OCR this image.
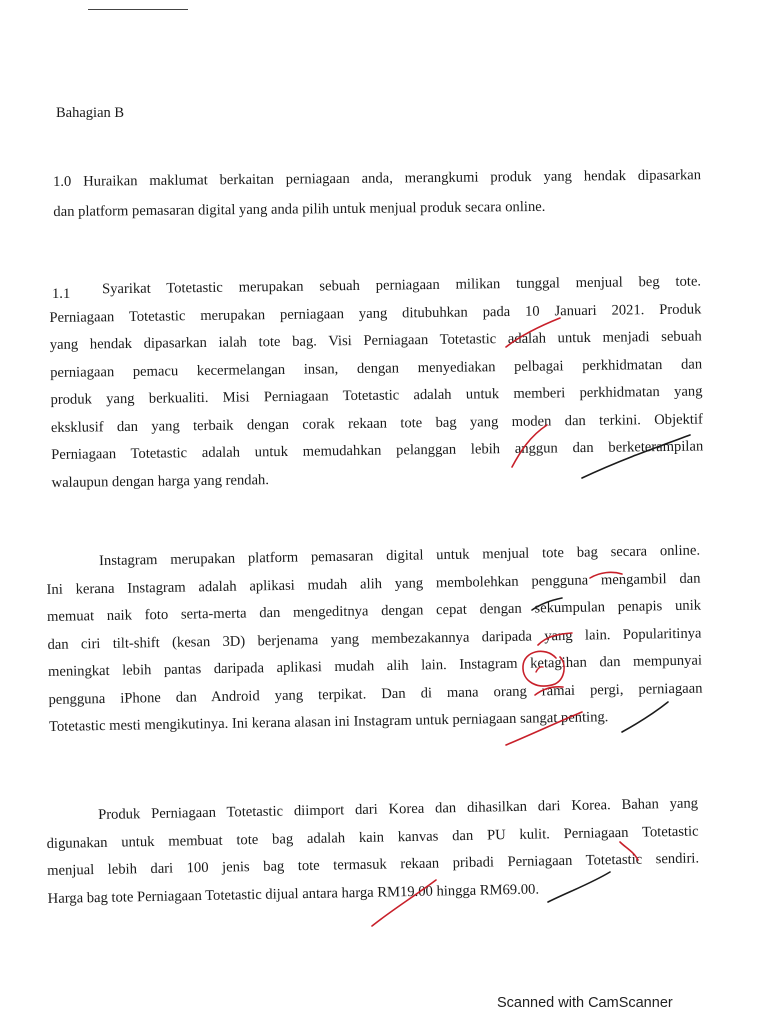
Bahagian B
1.0 Huraikan maklumat berkaitan perniagaan anda, merangkumi produk yang hendak dipasarkan
dan platform pemasaran digital yang anda pilih untuk menjual produk secara online.
1.1 Syarikat Totetastic merupakan sebuah perniagaan milikan tunggal menjual beg tote.
Perniagaan Totetastic merupakan perniagaan yang ditubuhkan pada 10 Januari 2021. Produk
yang hendak dipasarkan ialah tote bag. Visi Perniagaan Totetastic adalah untuk menjadi sebuah
perniagaan pemacu kecermelangan insan, dengan menyediakan pelbagai perkhidmatan dan
produk yang berkualiti. Misi Perniagaan Totetastic adalah untuk memberi perkhidmatan yang
eksklusif dan yang terbaik dengan corak rekaan tote bag yang moden dan terkini. Objektif
Perniagaan Totetastic adalah untuk memudahkan pelanggan lebih anggun dan berketerampilan
walaupun dengan harga yang rendah.
Instagram merupakan platform pemasaran digital untuk menjual tote bag secara online.
Ini kerana Instagram adalah aplikasi mudah alih yang membolehkan pengguna mengambil dan
memuat naik foto serta-merta dan mengeditnya dengan cepat dengan sekumpulan penapis unik
dan ciri tilt-shift (kesan 3D) berjenama yang membezakannya daripada yang lain. Popularitinya
meningkat lebih pantas daripada aplikasi mudah alih lain. Instagram ketagihan dan mempunyai
pengguna iPhone dan Android yang terpikat. Dan di mana orang ramai pergi, perniagaan
Totetastic mesti mengikutinya. Ini kerana alasan ini Instagram untuk perniagaan sangat penting.
Produk Perniagaan Totetastic diimport dari Korea dan dihasilkan dari Korea. Bahan yang
digunakan untuk membuat tote bag adalah kain kanvas dan PU kulit. Perniagaan Totetastic
menjual lebih dari 100 jenis bag tote termasuk rekaan pribadi Perniagaan Totetastic sendiri.
Harga bag tote Perniagaan Totetastic dijual antara harga RM19.00 hingga RM69.00.
Scanned with CamScanner
